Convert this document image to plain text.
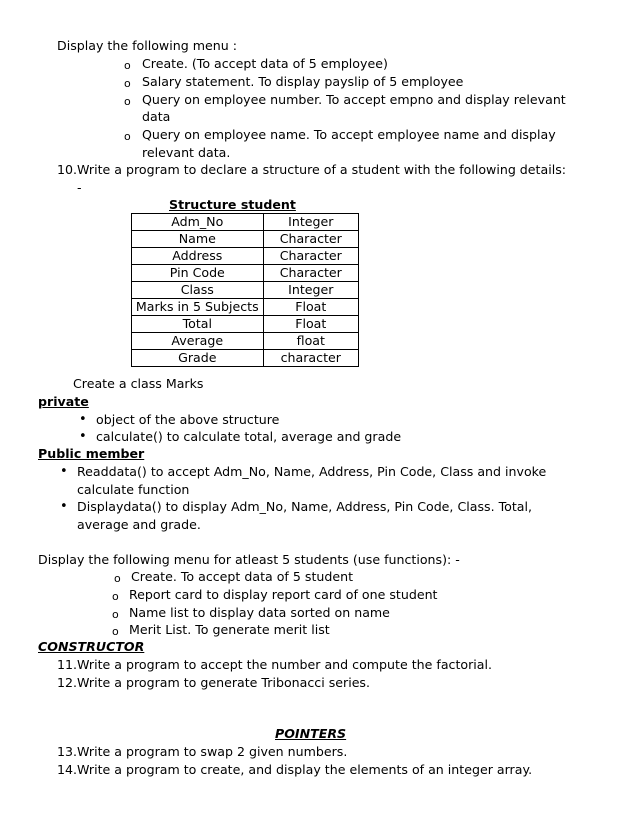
Display the following menu :
o Create. (To accept data of 5 employee)
o Salary statement. To display payslip of 5 employee
o Query on employee number. To accept empno and display relevant
data
o Query on employee name. To accept employee name and display
relevant data.
10. Write a program to declare a structure of a student with the following details:
-
Structure student
Adm_No	Integer
Name	Character
Address	Character
Pin Code	Character
Class	Integer
Marks in 5 Subjects	Float
Total	Float
Average	float
Grade	character
Create a class Marks
private
• object of the above structure
• calculate() to calculate total, average and grade
Public member
• Readdata() to accept Adm_No, Name, Address, Pin Code, Class and invoke
calculate function
• Displaydata() to display Adm_No, Name, Address, Pin Code, Class. Total,
average and grade.
Display the following menu for atleast 5 students (use functions): -
o Create. To accept data of 5 student
o Report card to display report card of one student
o Name list to display data sorted on name
o Merit List. To generate merit list
CONSTRUCTOR
11. Write a program to accept the number and compute the factorial.
12. Write a program to generate Tribonacci series.
POINTERS
13. Write a program to swap 2 given numbers.
14. Write a program to create, and display the elements of an integer array.
